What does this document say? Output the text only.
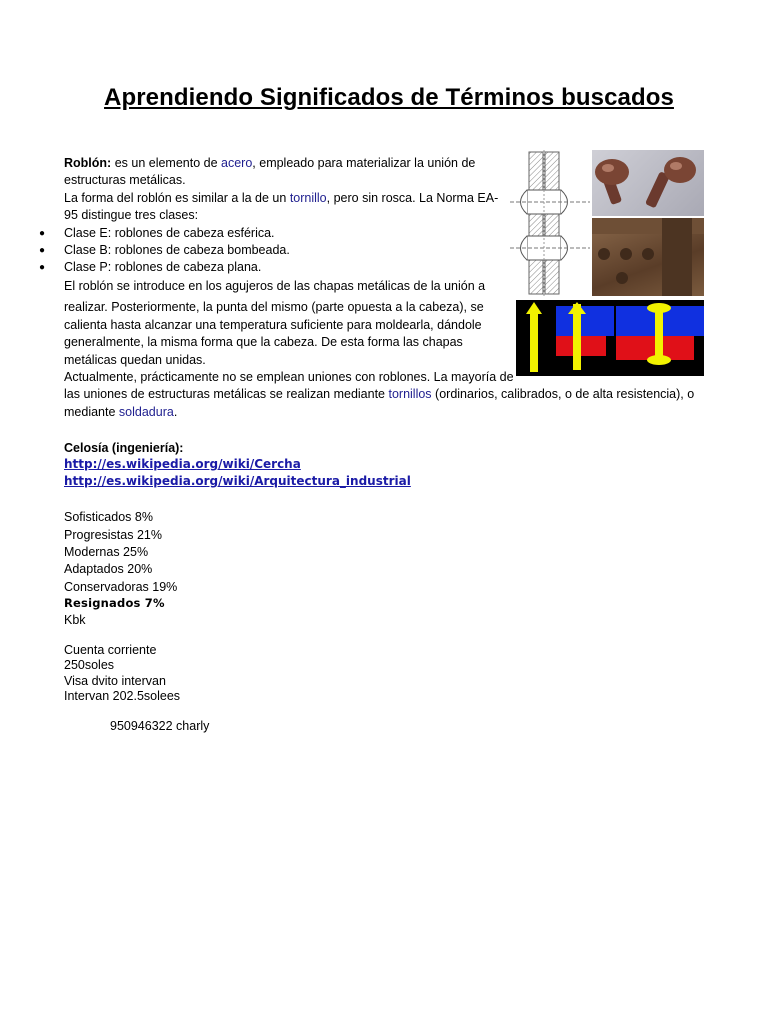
Aprendiendo Significados de Términos buscados
Roblón: es un elemento de acero, empleado para materializar la unión de
estructuras metálicas.
La forma del roblón es similar a la de un tornillo, pero sin rosca. La Norma EA-
95 distingue tres clases:
● Clase E: roblones de cabeza esférica.
● Clase B: roblones de cabeza bombeada.
● Clase P: roblones de cabeza plana.
El roblón se introduce en los agujeros de las chapas metálicas de la unión a
realizar. Posteriormente, la punta del mismo (parte opuesta a la cabeza), se
calienta hasta alcanzar una temperatura suficiente para moldearla, dándole
generalmente, la misma forma que la cabeza. De esta forma las chapas
metálicas quedan unidas.
Actualmente, prácticamente no se emplean uniones con roblones. La mayoría de
las uniones de estructuras metálicas se realizan mediante tornillos (ordinarios, calibrados, o de alta resistencia), o
mediante soldadura.
Celosía (ingeniería):
http://es.wikipedia.org/wiki/Cercha
http://es.wikipedia.org/wiki/Arquitectura_industrial
Sofisticados 8%
Progresistas 21%
Modernas 25%
Adaptados 20%
Conservadoras 19%
Resignados 7%
Kbk
Cuenta corriente
250soles
Visa dvito intervan
Intervan 202.5solees
950946322 charly
